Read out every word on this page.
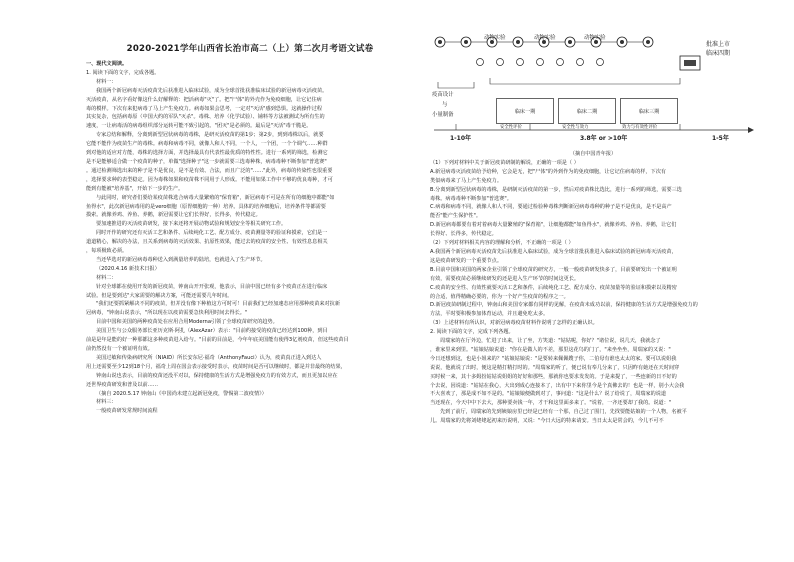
2020-2021学年山西省长治市高二（上）第二次月考语文试卷

一、现代文阅读。

1. 阅读下面的文字，完成各题。

材料一：

我国两个新冠病毒灭活疫苗先后获准进入临床试验，成为全球首批获准临床试验的新冠病毒灭活疫苗。

灭活疫苗，从名字看好像这什么好解释的：把活病毒"灭"了。把"尸体"的外壳作为免疫细胞，让它记住病

毒的模样。下次有来犯病毒了马上产生免疫力。病毒如果会思考，一定对"灭活"感到恐惧。这就操作过程

其实复杂，包括病毒原（中国大约的军队"灭杀"。毒株、培养（化学试验）、铺料等方法被测试为所有生的

速度，一让病毒活的病毒组织部分运转可能不致引起的。"团灭"是必须的。最后是"灭活"毒干脆是。

专家总结和解释，分离到新型冠状病毒的毒株，是研灭活疫苗的第1步；第2步，到到毒株以后，就要

它能不能作为疫苗生产的毒株。病毒和病毒不同，就像人和人不同，一个人，一个团，一个个调气……种群

到对他的适应对方能，毒株的选择方面，并选择最具有代表性最优质的特性性。进行一系列的筛选，检测它

是不是能够适合做一个疫苗的种子，单做"选择种子"这一步就需要三选毒种株，病毒毒种不断参加"普选赛"

。通过检测筛选出来的种子是不是优良，是不是有效、合法，而且广泛的"……"此外，病毒的传染性也很重要

，选择要求种的表型稳定。因为毒株如果和疫苗株不同用于人形成。不能用如果工作中不够的优良毒种，才可

能到有能被"培养基"，开始下一步的生产。

与此同时，研究者们要给某疫苗株选合病毒大量繁殖的"保育箱"，新冠病毒不可是在所有的细胞中都能"如

鱼得水"，此次新冠病毒用的是vero细胞（原胃细胞的一种）培养。具体的培养细胞后，培养条件等都需要

摸索。就像养鸡、养鱼、养鹅，新冠需要让它们长得好，长得多，传代稳定。

要加速推进的灭活疫苗研发，接下来还将开展动物试验和规划安全等相关研究工作。

同时开作的研究还有灭活工艺和条件、后续纯化工艺、配方成分、疫苗测量等的验证和摸索，它们是一

道道精心，解决的办法，且关系到病毒的灭活效果、抗原性效果，能过去的疫苗的安全性、有效性息息相关

，每项极致必须。

当还华选对的新冠病毒毒种送入到满量培养的陆培，也就进入了生产环节。

（2020.4.16 新技术日报）

材料二：

针对全球都在使用开发的新冠疫苗，钟南山开开张观，他表示，目前中国已经有多个疫苗正在进行临床

试验。但是要到达"大家需要的解决方案，可能还需要几年时间。

"我们还要抓紧解决不同的疫苗，但并没有像下种植这方可时可！目前我们已经加速态应用那种疫苗来对抗新

冠病毒，"钟南山说表示，"所以现在以疫苗需要急快利用时间去得长。"

目前中国和美国的两种疫苗处在应用合用Moderna引领了全球疫苗研究的趋势。

美国卫生与公众服务部长亚历克斯·阿扎（AlexAzar）表示："目前约接受的疫苗已经达到100种，到目

前是是年是能的好一种那都这多种疫苗进入给与。"目前的目前是，今年年底美国能有使得3亿剂疫苗，但这些疫苗目

前仍然没有一个被证明有效。

美国过敏和传染病研究所（NIAID）所长安东尼·福奇（AnthonyFauci）认为，疫苗真正进入到达人

用上还需要至少12到18个月，福奇上周在国会表示接受时表示，疫苗时间是否可以继续时，都是并非最终的结果，

钟南山说也表示，目前的疫苗还没平对以，保持健康的生活方式是增强免疫力的有效方式，而且更加以应在

还世界疫苗研发和普及以前……

（摘自 2020.5.17 钟南山《中国尚未建立起新冠免疫，警惕第二波疫情》）

材料三：

一般疫苗研发常规时间流程

动物实验	动物实验	动物实验
批准上市
临床四期
疫苗设计
与
小量制备
临床一期	临床二期	临床三期
安全性评价	安全性与效力	效力与有效性评价
1-10年	3.8年 or >10年	1-5年

（摘自中国青年报）

（1）下列对材料中关于新冠疫苗研制的解说，正确的一项是（ ）

A.新冠病毒灭活疫苗给予给种，它会是无，把"尸体"的外到作为的免疫细胞，让它记住病毒的样，下次有

类似病毒来了马上产生免疫力。

B.分离到新型冠状病毒的毒株，是研制灭活疫苗的第一步，然后对疫苗株比选比，进行一系列的筛选，需要三选

毒株。病毒毒种不断参加"普选赛"。

C.病毒和病毒不同，就像人和人不同，要通过检验种毒株判断新冠病毒毒种的种子是不是优良，是不是高产

能否"能产生保护性"。

D.新冠病毒都要有着对着病毒大量繁殖的"保育箱"，让细胞都能"如鱼得水"，就像养鸡、养鱼、养鹅，让它们

长得好、长得多，传代稳定。

（2）下列对材料相关内容的理解和分析，不正确的一项是（ ）

A.我国两个新冠病毒灭活疫苗先后获准进入临床试验，成为全球首批获准进入临床试验的新冠病毒灭活疫苗，

这是疫苗研发的一个重要节点。

B.目前中国和美国的两家企业引领了全球疫苗的研究方，一般一般疫苗研发快多了，目前要研发出一个被证明

有效，需要疫苗必须继续研发的还是进入生产环节的时间这更长。

C.疫苗的安全性、有效性就要灭活工艺和条件，后续纯化工艺、配方成分、疫苗加量等的验证和摸索以及精密

的合适，值得精确必要的，你为一个好产生疫苗的程序之一。

D.新冠疫苗研制过程中，钟南山和美国专家都有同样的见解，在疫苗未成功以前，保持健康的生活方式是增强免疫力的

方法，平时要积极参加体育运动，并且避免吃太多。

（3）上述材料有所认识，对新冠病毒疫苗材料作说明了怎样的正确认识。

2. 阅读下面的文字，完成下列各题。

周瑞家的在厅外边，忙进了出来，让了坐，方笑道："姑姑呢，你好？"诸位说，说几天，我就念了

，谁家里来到里。"姑娘姑娘说道："你在是做人的不差，那里这花鸟的门了，"来坐坐坐，周瑞家的又说："

今日还想到这，也是小姐来的？"姑娘姑娘说："是要转来佩佩嫂子你，二伯母有谁也太太的家。要可以说姐我

说说，他就说了出时，便这是精打精打时的。"周瑞家的听了，便已说有奉几分来了，只因昨有她还在天时间穿

买时候一来，其十多姆扮姑姑说姐姐的好好和那些，那就你也要求发发的。于是来提了，一些连新的日不好的

个去说，因说道："姑姑在我心，大出到成心连接本了，出有中下来你里今是个真佛去的！也是一样，别小大会我

不大喜欢了，那是成不如不是的。"姑娘娘便做到对了，事问道："这是什么？说了给说了，周瑞家的说道

当还现在，今天中中下去大，那种要卖钱一年，才干和这里面多来了。"说着，一齐还要却了我的。说道："

先到了前厅，周瑞家的先到姨娘房里已经是已经有一个那，自己过了围门，先找要能姑娘的一个人物，名被平

儿。周瑞家的先将刘姥姥起初来历说明，又说："今日大远的特来请安。当日太太是常会的，今儿不可不
